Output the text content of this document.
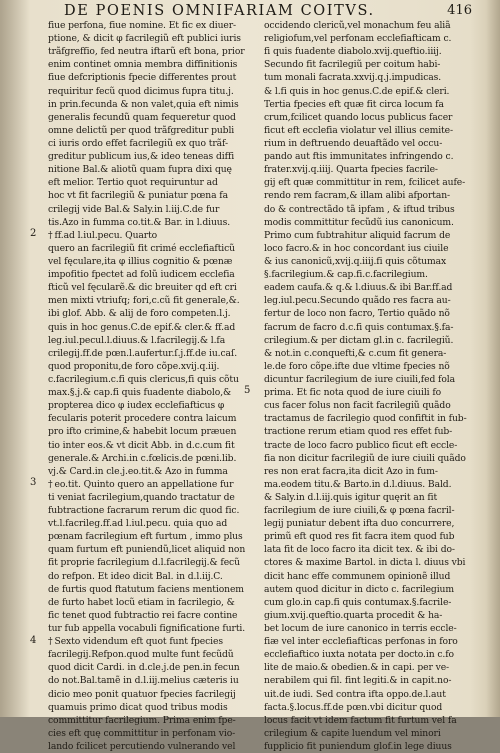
DE POENIS OMNIFARIAM COITVS.	416
fiue perfona, fiue nomine. Et fic ex diuer-
ptione, & dicit φ facrilegiũ eft publici iuris
trãfgreffio, fed neutra iftarũ eft bona, prior
enim continet omnia membra diffinitionis
fiue defcriptionis fpecie differentes prout
requiritur fecũ quod dicimus fupra titu.j.
in prin.fecunda & non valet,quia eft nimis
generalis fecundũ quam fequeretur quod
omne delictũ per quod trãfgreditur publi
ci iuris ordo effet facrilegiũ ex quo trãf-
greditur publicum ius,& ideo teneas diffi
nitione Bal.& aliotũ quam fupra dixi quę
eft melior. Tertio quot requiruntur ad
hoc vt fit facrilegiũ & puniatur pœna fa
crilegij vide Bal.& Saly.in l.iij.C.de fur
tis.Azo in fumma co.tit.& Bar. in l.diuus.
† ff.ad l.iul.pecu. Quarto
quero an facrilegiũ fit crimé ecclefiafticũ
vel fęculare,ita φ illius cognitio & pœnæ
impofitio fpectet ad folũ iudicem ecclefia
fticũ vel fęcularẽ.& dic breuiter qd eft cri
men mixti vtriufq; fori,c.cũ fit generale,&.
ibi glof. Abb. & alij de foro competen.l.j.
quis in hoc genus.C.de epif.& cler.& ff.ad
leg.iul.pecul.l.diuus.& l.facrilegij.& l.fa
crilegij.ff.de pœn.l.aufertur.ſ.j.ff.de iu.caſ.
quod proponitu,de foro cõpe.xvij.q.iij.
c.facrilegium.c.fi quis clericus,fi quis cõtu
max.§.j.& cap.fi quis fuadente diabolo,&
propterea dico φ iudex ecclefiafticus φ
fecularis poterit procedere contra laicum
pro ifto crimine,& habebit locum præuen
tio inter eos.& vt dicit Abb. in d.c.cum fit
generale.& Archi.in c.fœlicis.de pœni.lib.
vj.& Card.in cle.j.eo.tit.& Azo in fumma
† eo.tit. Quinto quero an appellatione fur
ti veniat facrilegium,quando tractatur de
fubtractione facrarum rerum dic quod fic.
vt.l.facrileg.ff.ad l.iul.pecu. quia quo ad
pœnam facrilegium eft furtum , immo plus
quam furtum eft puniendũ,licet aliquid non
fit proprie facrilegium d.l.facrilegij.& fecũ
do refpon. Et ideo dicit Bal. in d.l.iij.C.
de furtis quod ftatutum faciens mentionem
de furto habet locũ etiam in facrilegio, &
fic tenet quod fubtractio rei facre contine
tur fub appella vocabuli fignificatione furti.
† Sexto videndum eft quot funt fpecies
facrilegij.Refpon.quod multe funt fecũdũ
quod dicit Cardi. in d.cle.j.de pen.in fecun
do not.Bal.tamẽ in d.l.iij.melius cæteris iu
dicio meo ponit quatuor fpecies facrilegij
quamuis primo dicat quod tribus modis
committitur facrilegium. Prima enim fpe-
cies eft quę committitur in perfonam vio-
lando fcilicet percutiendo vulnerando vel
occidendo clericũ,vel monachum feu aliã
religiofum,vel perfonam ecclefiafticam c.
fi quis fuadente diabolo.xvij.queftio.iiij.
Secundo fit facrilegiũ per coitum habi-
tum monali facrata.xxvij.q.j.impudicas.
& l.fi quis in hoc genus.C.de epif.& cleri.
Tertia fpecies eft quæ fit circa locum fa
crum,fcilicet quando locus publicus facer
ficut eft ecclefia violatur vel illius cemite-
rium in deftruendo deuaftãdo vel occu-
pando aut ftis immunitates infringendo c.
frater.xvij.q.iiij. Quarta fpecies facrile-
gij eft quæ committitur in rem, fcilicet aufe-
rendo rem facram,& illam alibi afportan-
do & contrectãdo tã ipfam , & iftud tribus
modis committitur fecũdũ ius canonicum.
Primo cum fubtrahitur aliquid facrum de
loco facro.& in hoc concordant ius ciuile
& ius canonicũ,xvij.q.iiij.fi quis cõtumax
§.facrilegium.& cap.fi.c.facrilegium.
eadem caufa.& q.& l.diuus.& ibi Bar.ff.ad
leg.iul.pecu.Secundo quãdo res facra au-
fertur de loco non facro, Tertio quãdo nõ
facrum de facro d.c.fi quis contumax.§.fa-
crilegium.& per dictam gl.in c. facrilegiũ.
& not.in c.conquefti,& c.cum fit genera-
le.de foro cõpe.ifte due vltime fpecies nõ
dicuntur facrilegium de iure ciuili,fed fola
prima. Et fic nota quod de iure ciuili fo
cus facer folus non facit facrilegiũ quãdo
tractamus de facrilegio quod confiftit in fub-
tractione rerum etiam quod res effet fub-
tracte de loco facro publico ficut eft eccle-
fia non dicitur facrilegiũ de iure ciuili quãdo
res non erat facra,ita dicit Azo in fum-
ma.eodem titu.& Barto.in d.l.diuus. Bald.
& Saly.in d.l.iij.quis igitur quęrit an fit
facrilegium de iure ciuili,& φ pœna facril-
legij puniatur debent ifta duo concurrere,
primũ eft quod res fit facra item quod fub
lata fit de loco facro ita dicit tex. & ibi do-
ctores & maxime Bartol. in dicta l. diuus vbi
dicit hanc effe communem opinionẽ illud
autem quod dicitur in dicto c. facrilegium
cum glo.in cap.fi quis contumax.§.facrile-
gium.xvij.queftio.quarta procedit & ha-
bet locum de iure canonico in terris eccle-
fiæ vel inter ecclefiafticas perfonas in foro
ecclefiaftico iuxta notata per docto.in c.fo
lite de maio.& obedien.& in capi. per ve-
nerabilem qui fil. fint legiti.& in capit.no-
uit.de iudi. Sed contra ifta oppo.de.l.aut
facta.§.locus.ff.de pœn.vbi dicitur quod
locus facit vt idem factum fit furtum vel fa
crilegium & capite luendum vel minori
fupplicio fit puniendum glof.in lege diuus
2
3
4
5
